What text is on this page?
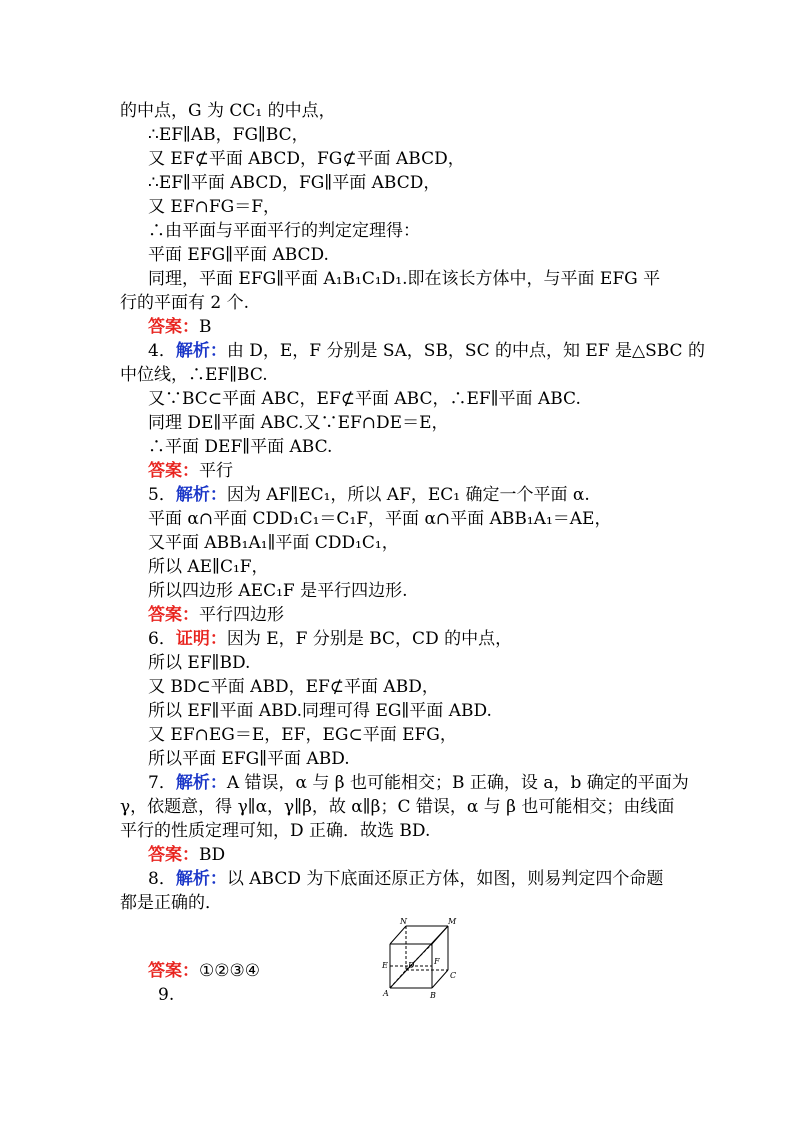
的中点，G 为 CC₁ 的中点，
∴EF∥AB，FG∥BC，
又 EF⊄平面 ABCD，FG⊄平面 ABCD，
∴EF∥平面 ABCD，FG∥平面 ABCD，
又 EF∩FG＝F，
∴由平面与平面平行的判定定理得：
平面 EFG∥平面 ABCD.
同理，平面 EFG∥平面 A₁B₁C₁D₁.即在该长方体中，与平面 EFG 平
行的平面有 2 个.
答案：B
4．解析：由 D，E，F 分别是 SA，SB，SC 的中点，知 EF 是△SBC 的
中位线，∴EF∥BC.
又∵BC⊂平面 ABC，EF⊄平面 ABC，∴EF∥平面 ABC.
同理 DE∥平面 ABC.又∵EF∩DE＝E，
∴平面 DEF∥平面 ABC.
答案：平行
5．解析：因为 AF∥EC₁，所以 AF，EC₁ 确定一个平面 α.
平面 α∩平面 CDD₁C₁＝C₁F，平面 α∩平面 ABB₁A₁＝AE，
又平面 ABB₁A₁∥平面 CDD₁C₁，
所以 AE∥C₁F，
所以四边形 AEC₁F 是平行四边形.
答案：平行四边形
6．证明：因为 E，F 分别是 BC，CD 的中点，
所以 EF∥BD.
又 BD⊂平面 ABD，EF⊄平面 ABD，
所以 EF∥平面 ABD.同理可得 EG∥平面 ABD.
又 EF∩EG＝E，EF，EG⊂平面 EFG，
所以平面 EFG∥平面 ABD.
7．解析：A 错误，α 与 β 也可能相交；B 正确，设 a，b 确定的平面为
γ，依题意，得 γ∥α，γ∥β，故 α∥β；C 错误，α 与 β 也可能相交；由线面
平行的性质定理可知，D 正确．故选 BD.
答案：BD
8．解析：以 ABCD 为下底面还原正方体，如图，则易判定四个命题
都是正确的．
N	M
E	F
D
C
A	B
答案：①②③④
9.
